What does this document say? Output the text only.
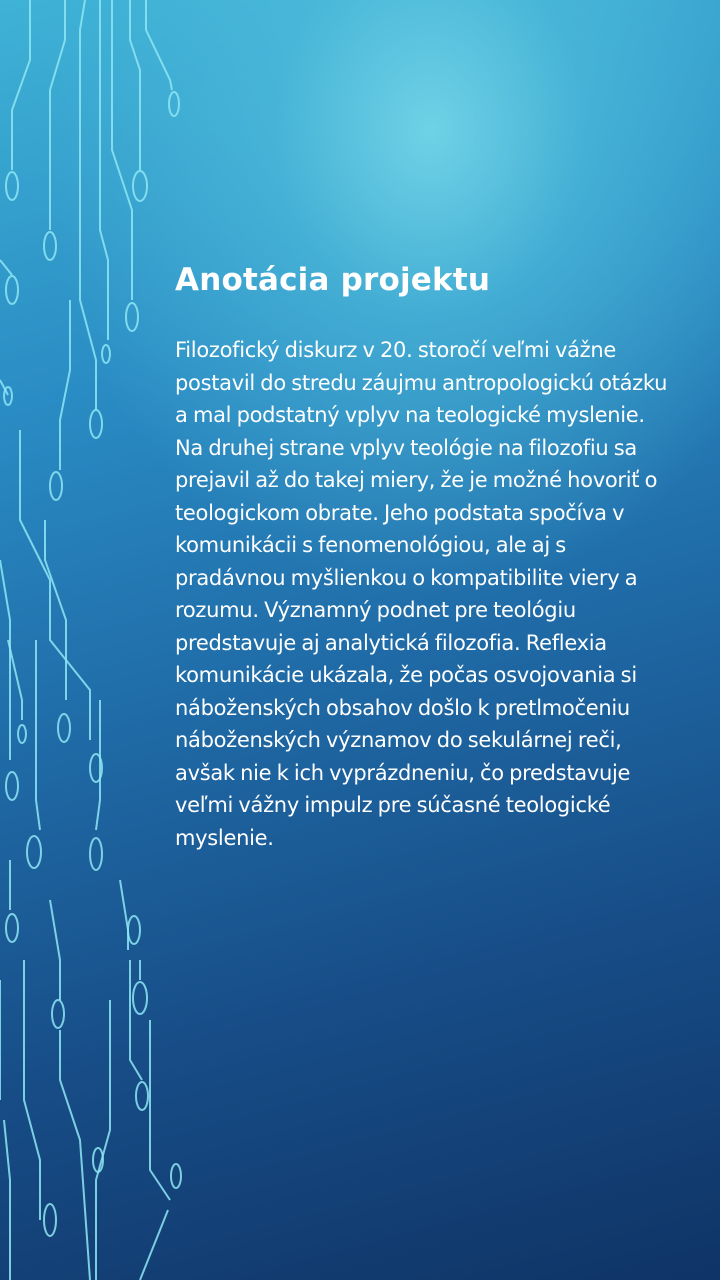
Anotácia projektu

Filozofický diskurz v 20. storočí veľmi vážne postavil do stredu záujmu antropologickú otázku a mal podstatný vplyv na teologické myslenie. Na druhej strane vplyv teológie na filozofiu sa prejavil až do takej miery, že je možné hovoriť o teologickom obrate. Jeho podstata spočíva v komunikácii s fenomenológiou, ale aj s pradávnou myšlienkou o kompatibilite viery a rozumu. Významný podnet pre teológiu predstavuje aj analytická filozofia. Reflexia komunikácie ukázala, že počas osvojovania si náboženských obsahov došlo k pretlmočeniu náboženských významov do sekulárnej reči, avšak nie k ich vyprázdneniu, čo predstavuje veľmi vážny impulz pre súčasné teologické myslenie.
